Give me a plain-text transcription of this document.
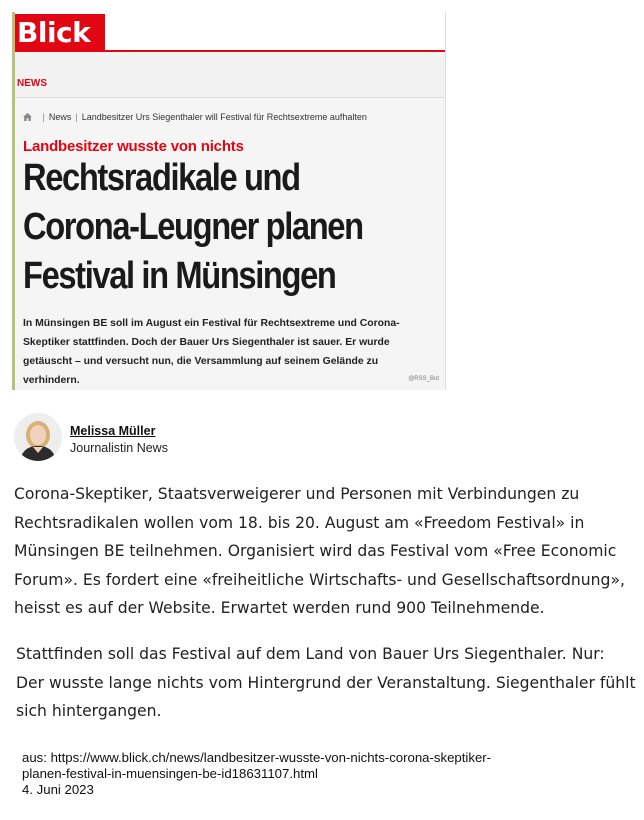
Blick
NEWS
| News | Landbesitzer Urs Siegenthaler will Festival für Rechtsextreme aufhalten
Landbesitzer wusste von nichts
Rechtsradikale und
Corona-Leugner planen
Festival in Münsingen
In Münsingen BE soll im August ein Festival für Rechtsextreme und Corona-
Skeptiker stattfinden. Doch der Bauer Urs Siegenthaler ist sauer. Er wurde
getäuscht – und versucht nun, die Versammlung auf seinem Gelände zu
verhindern.	@RSS_Bot
Melissa Müller
Journalistin News
Corona-Skeptiker, Staatsverweigerer und Personen mit Verbindungen zu
Rechtsradikalen wollen vom 18. bis 20. August am «Freedom Festival» in
Münsingen BE teilnehmen. Organisiert wird das Festival vom «Free Economic
Forum». Es fordert eine «freiheitliche Wirtschafts- und Gesellschaftsordnung»,
heisst es auf der Website. Erwartet werden rund 900 Teilnehmende.
Stattfinden soll das Festival auf dem Land von Bauer Urs Siegenthaler. Nur:
Der wusste lange nichts vom Hintergrund der Veranstaltung. Siegenthaler fühlt
sich hintergangen.
aus: https://www.blick.ch/news/landbesitzer-wusste-von-nichts-corona-skeptiker-
planen-festival-in-muensingen-be-id18631107.html
4. Juni 2023
